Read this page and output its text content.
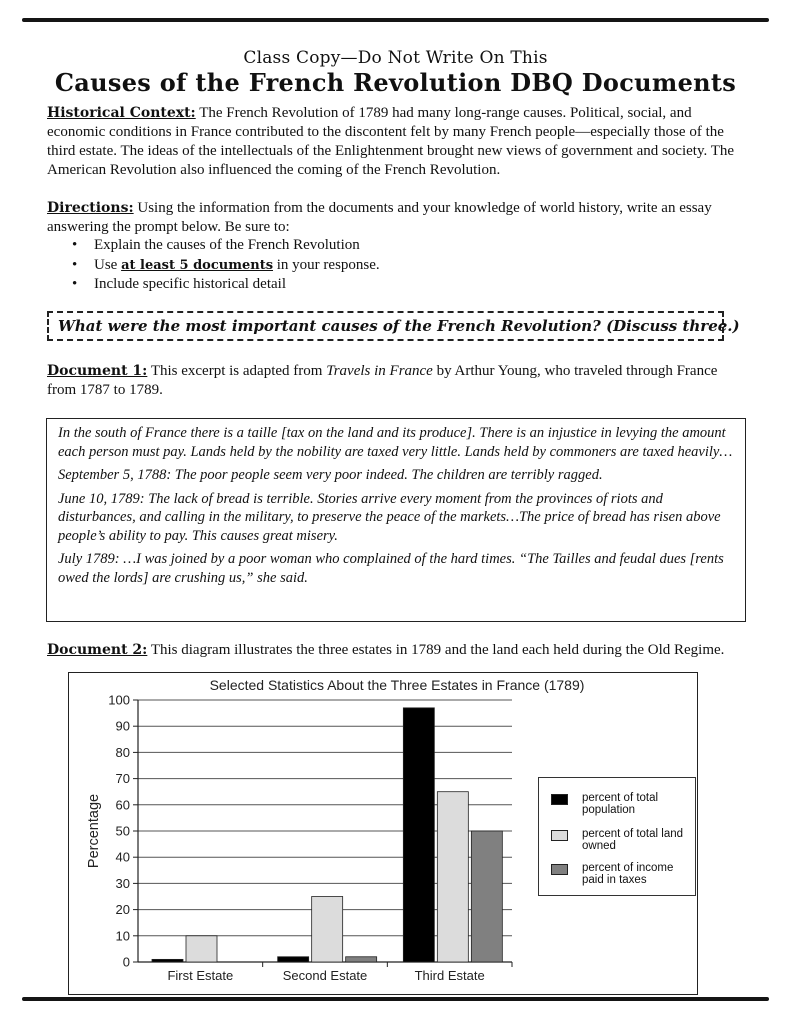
Class Copy—Do Not Write On This
Causes of the French Revolution DBQ Documents
Historical Context: The French Revolution of 1789 had many long-range causes. Political, social, and economic conditions in France contributed to the discontent felt by many French people—especially those of the third estate. The ideas of the intellectuals of the Enlightenment brought new views of government and society. The American Revolution also influenced the coming of the French Revolution.
Directions: Using the information from the documents and your knowledge of world history, write an essay answering the prompt below. Be sure to:
• Explain the causes of the French Revolution
• Use at least 5 documents in your response.
• Include specific historical detail
What were the most important causes of the French Revolution? (Discuss three.)
Document 1: This excerpt is adapted from Travels in France by Arthur Young, who traveled through France from 1787 to 1789.

In the south of France there is a taille [tax on the land and its produce]. There is an injustice in levying the amount each person must pay. Lands held by the nobility are taxed very little. Lands held by commoners are taxed heavily…

September 5, 1788: The poor people seem very poor indeed. The children are terribly ragged.

June 10, 1789: The lack of bread is terrible. Stories arrive every moment from the provinces of riots and disturbances, and calling in the military, to preserve the peace of the markets…The price of bread has risen above people’s ability to pay. This causes great misery.

July 1789: …I was joined by a poor woman who complained of the hard times. “The Tailles and feudal dues [rents owed the lords] are crushing us,” she said.

Document 2: This diagram illustrates the three estates in 1789 and the land each held during the Old Regime.
Selected Statistics About the Three Estates in France (1789)
0
10
20
30
40
50
60
70
80
90
100
Percentage
First Estate	Second Estate	Third Estate
percent of total population
percent of total land owned
percent of income paid in taxes
